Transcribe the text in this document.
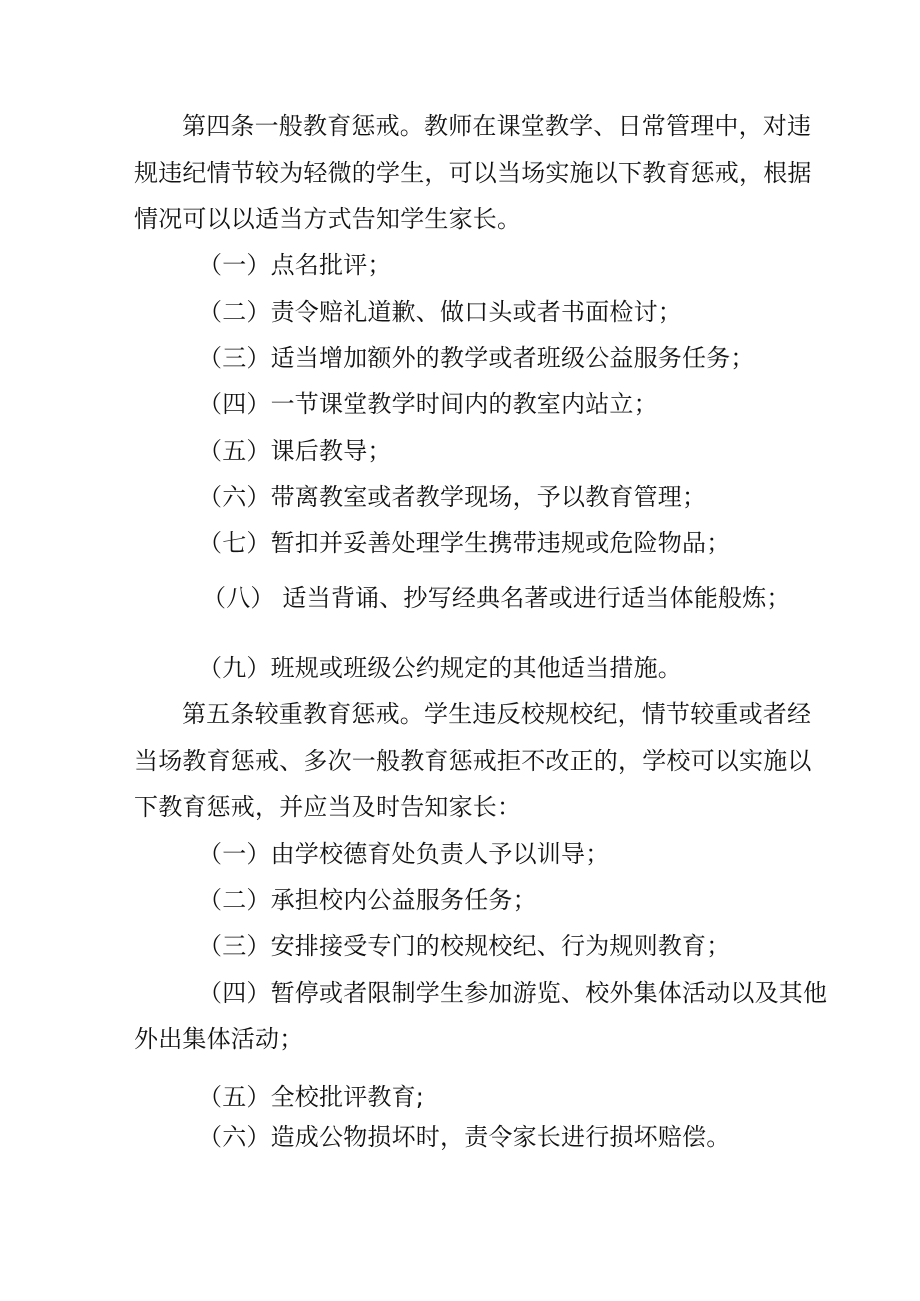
第四条一般教育惩戒。教师在课堂教学、日常管理中，对违
规违纪情节较为轻微的学生，可以当场实施以下教育惩戒，根据
情况可以以适当方式告知学生家长。
（一）点名批评；
（二）责令赔礼道歉、做口头或者书面检讨；
（三）适当增加额外的教学或者班级公益服务任务；
（四）一节课堂教学时间内的教室内站立；
（五）课后教导；
（六）带离教室或者教学现场，予以教育管理；
（七）暂扣并妥善处理学生携带违规或危险物品；
（八） 适当背诵、抄写经典名著或进行适当体能般炼；
（九）班规或班级公约规定的其他适当措施。
第五条较重教育惩戒。学生违反校规校纪，情节较重或者经
当场教育惩戒、多次一般教育惩戒拒不改正的，学校可以实施以
下教育惩戒，并应当及时告知家长：
（一）由学校德育处负责人予以训导；
（二）承担校内公益服务任务；
（三）安排接受专门的校规校纪、行为规则教育；
（四）暂停或者限制学生参加游览、校外集体活动以及其他
外出集体活动；
（五）全校批评教育;
（六）造成公物损坏时，责令家长进行损坏赔偿。
